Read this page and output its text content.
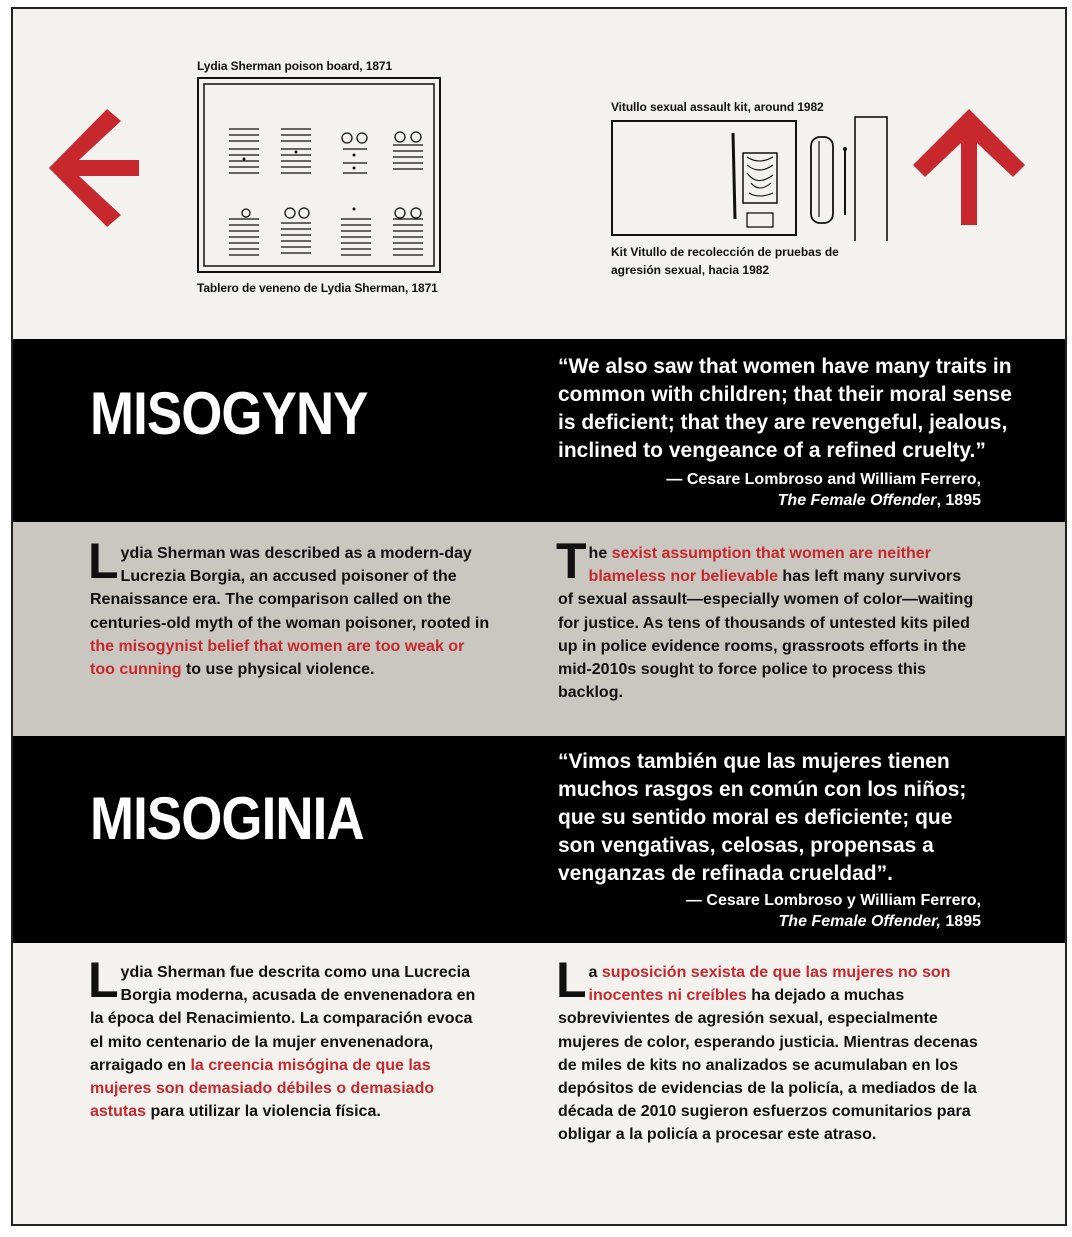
Lydia Sherman poison board, 1871
Tablero de veneno de Lydia Sherman, 1871
Vitullo sexual assault kit, around 1982
Kit Vitullo de recolección de pruebas de agresión sexual, hacia 1982
MISOGYNY
“We also saw that women have many traits in common with children; that their moral sense is deficient; that they are revengeful, jealous, inclined to vengeance of a refined cruelty.”
— Cesare Lombroso and William Ferrero,
The Female Offender, 1895
Lydia Sherman was described as a modern-day Lucrezia Borgia, an accused poisoner of the Renaissance era. The comparison called on the centuries-old myth of the woman poisoner, rooted in the misogynist belief that women are too weak or too cunning to use physical violence.
The sexist assumption that women are neither blameless nor believable has left many survivors of sexual assault—especially women of color—waiting for justice. As tens of thousands of untested kits piled up in police evidence rooms, grassroots efforts in the mid-2010s sought to force police to process this backlog.
MISOGINIA
“Vimos también que las mujeres tienen muchos rasgos en común con los niños; que su sentido moral es deficiente; que son vengativas, celosas, propensas a venganzas de refinada crueldad”.
— Cesare Lombroso y William Ferrero,
The Female Offender, 1895
Lydia Sherman fue descrita como una Lucrecia Borgia moderna, acusada de envenenadora en la época del Renacimiento. La comparación evoca el mito centenario de la mujer envenenadora, arraigado en la creencia misógina de que las mujeres son demasiado débiles o demasiado astutas para utilizar la violencia física.
La suposición sexista de que las mujeres no son inocentes ni creíbles ha dejado a muchas sobrevivientes de agresión sexual, especialmente mujeres de color, esperando justicia. Mientras decenas de miles de kits no analizados se acumulaban en los depósitos de evidencias de la policía, a mediados de la década de 2010 sugieron esfuerzos comunitarios para obligar a la policía a procesar este atraso.
